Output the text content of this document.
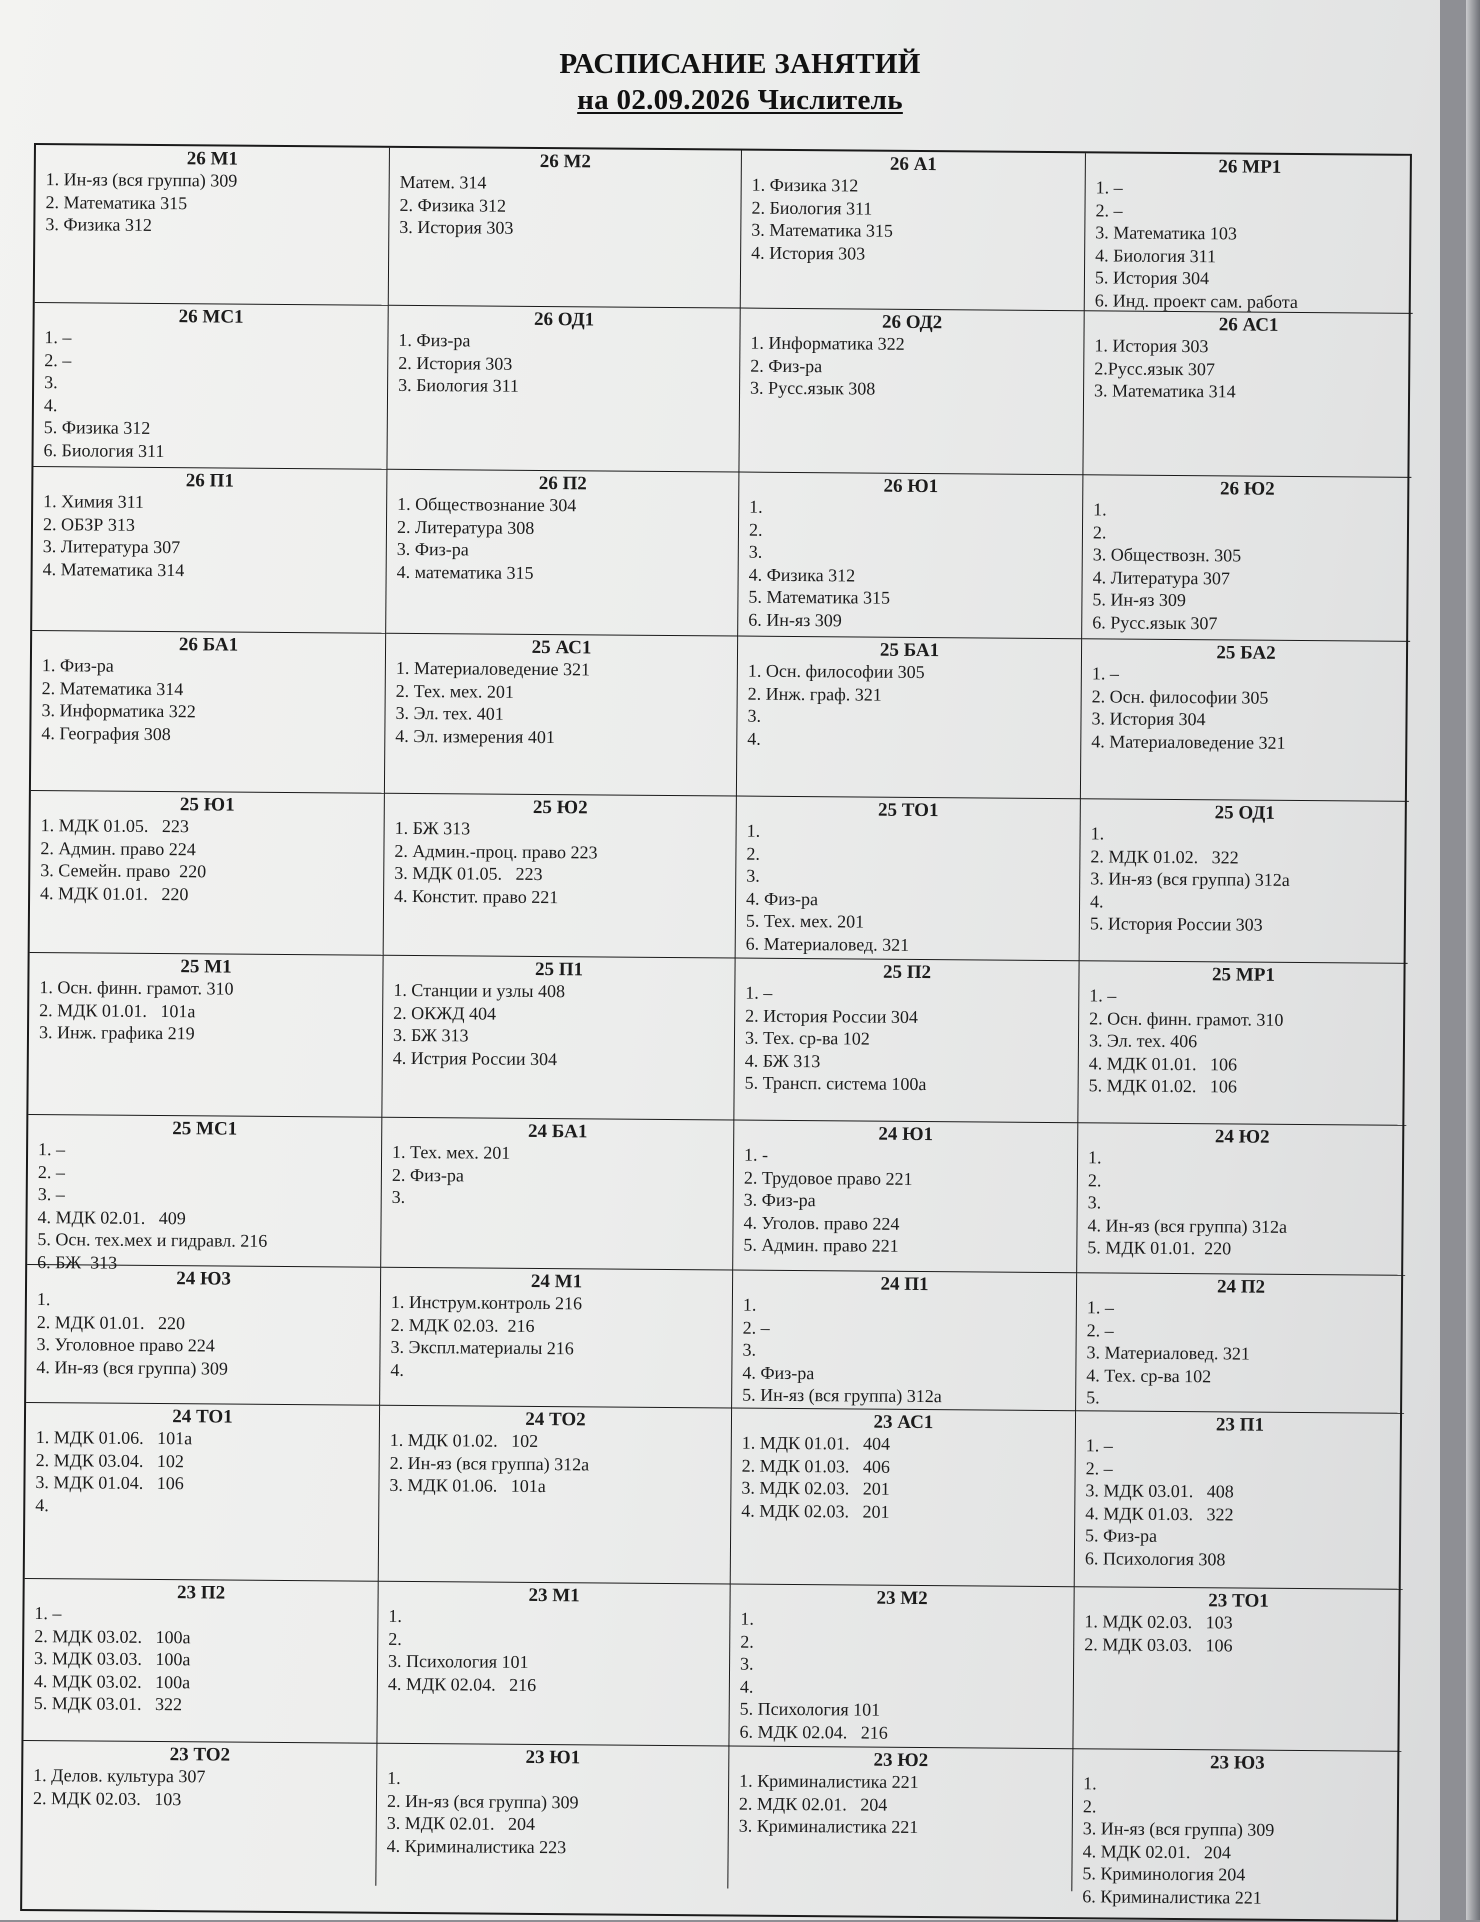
РАСПИСАНИЕ ЗАНЯТИЙ
на 02.09.2026 Числитель
26 М1
1. Ин-яз (вся группа) 309
2. Математика 315
3. Физика 312
26 М2
Матем. 314
2. Физика 312
3. История 303
26 А1
1. Физика 312
2. Биология 311
3. Математика 315
4. История 303
26 МР1
1. –
2. –
3. Математика 103
4. Биология 311
5. История 304
6. Инд. проект сам. работа
26 МС1
1. –
2. –
3.
4.
5. Физика 312
6. Биология 311
26 ОД1
1. Физ-ра
2. История 303
3. Биология 311
26 ОД2
1. Информатика 322
2. Физ-ра
3. Русс.язык 308
26 АС1
1. История 303
2.Русс.язык 307
3. Математика 314
26 П1
1. Химия 311
2. ОБЗР 313
3. Литература 307
4. Математика 314
26 П2
1. Обществознание 304
2. Литература 308
3. Физ-ра
4. математика 315
26 Ю1
1.
2.
3.
4. Физика 312
5. Математика 315
6. Ин-яз 309
26 Ю2
1.
2.
3. Обществозн. 305
4. Литература 307
5. Ин-яз 309
6. Русс.язык 307
26 БА1
1. Физ-ра
2. Математика 314
3. Информатика 322
4. География 308
25 АС1
1. Материаловедение 321
2. Тех. мех. 201
3. Эл. тех. 401
4. Эл. измерения 401
25 БА1
1. Осн. философии 305
2. Инж. граф. 321
3.
4.
25 БА2
1. –
2. Осн. философии 305
3. История 304
4. Материаловедение 321
25 Ю1
1. МДК 01.05.   223
2. Админ. право 224
3. Семейн. право  220
4. МДК 01.01.   220
25 Ю2
1. БЖ 313
2. Админ.-проц. право 223
3. МДК 01.05.   223
4. Констит. право 221
25 ТО1
1.
2.
3.
4. Физ-ра
5. Тех. мех. 201
6. Материаловед. 321
25 ОД1
1.
2. МДК 01.02.   322
3. Ин-яз (вся группа) 312а
4.
5. История России 303
25 М1
1. Осн. финн. грамот. 310
2. МДК 01.01.   101а
3. Инж. графика 219
25 П1
1. Станции и узлы 408
2. ОКЖД 404
3. БЖ 313
4. Истрия России 304
25 П2
1. –
2. История России 304
3. Тех. ср-ва 102
4. БЖ 313
5. Трансп. система 100а
25 МР1
1. –
2. Осн. финн. грамот. 310
3. Эл. тех. 406
4. МДК 01.01.   106
5. МДК 01.02.   106
25 МС1
1. –
2. –
3. –
4. МДК 02.01.   409
5. Осн. тех.мех и гидравл. 216
6. БЖ  313
24 БА1
1. Тех. мех. 201
2. Физ-ра
3.
24 Ю1
1. -
2. Трудовое право 221
3. Физ-ра
4. Уголов. право 224
5. Админ. право 221
24 Ю2
1.
2.
3.
4. Ин-яз (вся группа) 312а
5. МДК 01.01.  220
24 Ю3
1.
2. МДК 01.01.   220
3. Уголовное право 224
4. Ин-яз (вся группа) 309
24 М1
1. Инструм.контроль 216
2. МДК 02.03.  216
3. Экспл.материалы 216
4.
24 П1
1.
2. –
3.
4. Физ-ра
5. Ин-яз (вся группа) 312а
24 П2
1. –
2. –
3. Материаловед. 321
4. Тех. ср-ва 102
5.
24 ТО1
1. МДК 01.06.   101а
2. МДК 03.04.   102
3. МДК 01.04.   106
4.
24 ТО2
1. МДК 01.02.   102
2. Ин-яз (вся группа) 312а
3. МДК 01.06.   101а
23 АС1
1. МДК 01.01.   404
2. МДК 01.03.   406
3. МДК 02.03.   201
4. МДК 02.03.   201
23 П1
1. –
2. –
3. МДК 03.01.   408
4. МДК 01.03.   322
5. Физ-ра
6. Психология 308
23 П2
1. –
2. МДК 03.02.   100а
3. МДК 03.03.   100а
4. МДК 03.02.   100а
5. МДК 03.01.   322
23 М1
1.
2.
3. Психология 101
4. МДК 02.04.   216
23 М2
1.
2.
3.
4.
5. Психология 101
6. МДК 02.04.   216
23 ТО1
1. МДК 02.03.   103
2. МДК 03.03.   106
23 ТО2
1. Делов. культура 307
2. МДК 02.03.   103
23 Ю1
1.
2. Ин-яз (вся группа) 309
3. МДК 02.01.   204
4. Криминалистика 223
23 Ю2
1. Криминалистика 221
2. МДК 02.01.   204
3. Криминалистика 221
23 Ю3
1.
2.
3. Ин-яз (вся группа) 309
4. МДК 02.01.   204
5. Криминология 204
6. Криминалистика 221
